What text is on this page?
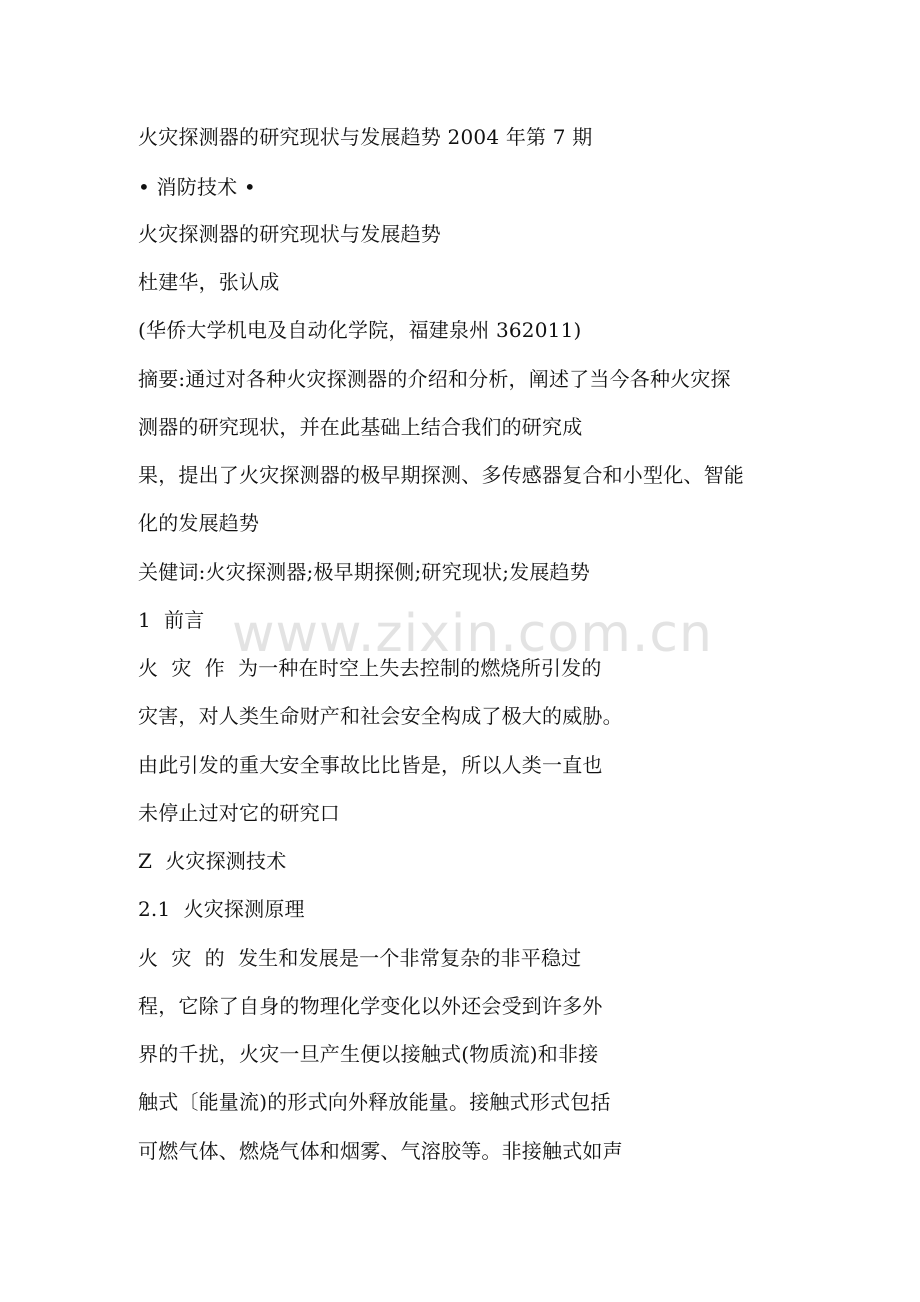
www.zixin.com.cn
火灾探测器的研究现状与发展趋势 2004 年第 7 期
• 消防技术 •
火灾探测器的研究现状与发展趋势
杜建华，张认成
(华侨大学机电及自动化学院，福建泉州 362011)
摘要:通过对各种火灾探测器的介绍和分析，阐述了当今各种火灾探
测器的研究现状，并在此基础上结合我们的研究成
果，提出了火灾探测器的极早期探测、多传感器复合和小型化、智能
化的发展趋势
关健词:火灾探测器;极早期探侧;研究现状;发展趋势
1  前言
火  灾  作  为一种在时空上失去控制的燃烧所引发的
灾害，对人类生命财产和社会安全构成了极大的威胁。
由此引发的重大安全事故比比皆是，所以人类一直也
未停止过对它的研究口
Z  火灾探测技术
2.1  火灾探测原理
火  灾  的  发生和发展是一个非常复杂的非平稳过
程，它除了自身的物理化学变化以外还会受到许多外
界的千扰，火灾一旦产生便以接触式(物质流)和非接
触式〔能量流)的形式向外释放能量。接触式形式包括
可燃气体、燃烧气体和烟雾、气溶胶等。非接触式如声
